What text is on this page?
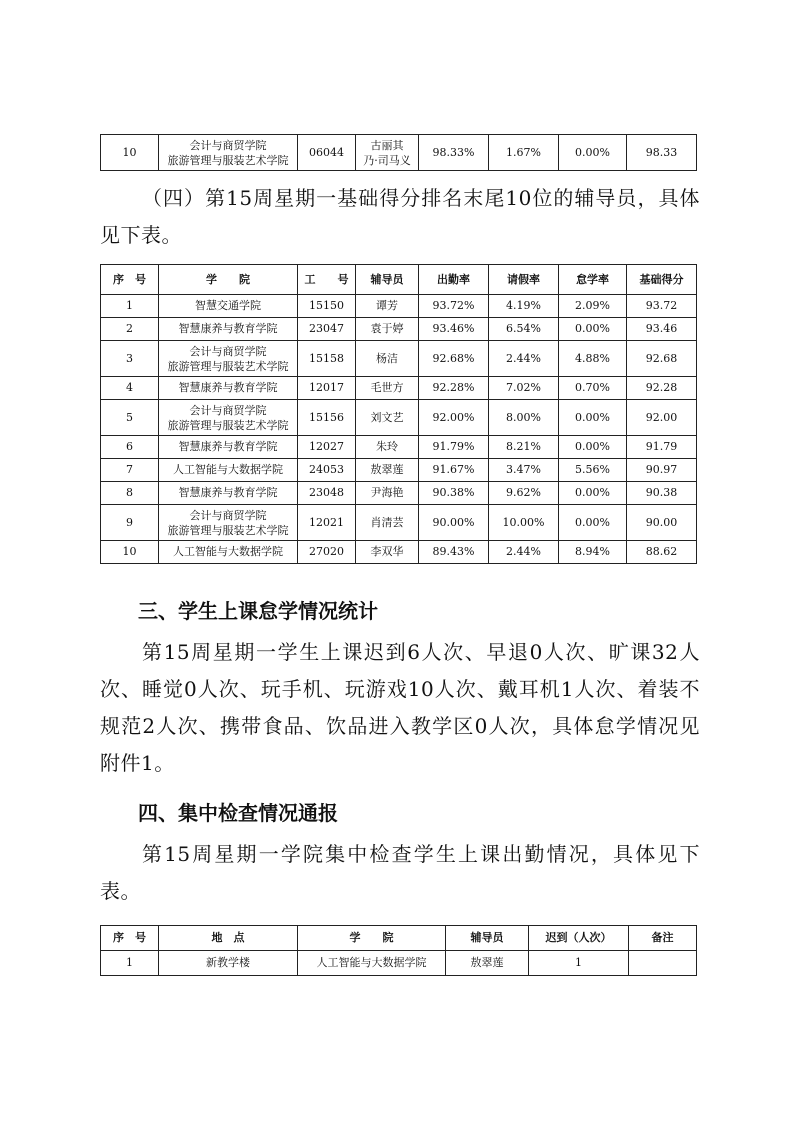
10	会计与商贸学院
旅游管理与服装艺术学院	06044	古丽其
乃·司马义	98.33%	1.67%	0.00%	98.33

（四）第15周星期一基础得分排名末尾10位的辅导员，具体见下表。

序　号	学　　院	工　　号	辅导员	出勤率	请假率	怠学率	基础得分
1	智慧交通学院	15150	谭芳	93.72%	4.19%	2.09%	93.72
2	智慧康养与教育学院	23047	袁于婷	93.46%	6.54%	0.00%	93.46
3	会计与商贸学院
旅游管理与服装艺术学院	15158	杨洁	92.68%	2.44%	4.88%	92.68
4	智慧康养与教育学院	12017	毛世方	92.28%	7.02%	0.70%	92.28
5	会计与商贸学院
旅游管理与服装艺术学院	15156	刘文艺	92.00%	8.00%	0.00%	92.00
6	智慧康养与教育学院	12027	朱玲	91.79%	8.21%	0.00%	91.79
7	人工智能与大数据学院	24053	敖翠莲	91.67%	3.47%	5.56%	90.97
8	智慧康养与教育学院	23048	尹海艳	90.38%	9.62%	0.00%	90.38
9	会计与商贸学院
旅游管理与服装艺术学院	12021	肖清芸	90.00%	10.00%	0.00%	90.00
10	人工智能与大数据学院	27020	李双华	89.43%	2.44%	8.94%	88.62

三、学生上课怠学情况统计

第15周星期一学生上课迟到6人次、早退0人次、旷课32人次、睡觉0人次、玩手机、玩游戏10人次、戴耳机1人次、着装不规范2人次、携带食品、饮品进入教学区0人次，具体怠学情况见附件1。

四、集中检查情况通报

第15周星期一学院集中检查学生上课出勤情况，具体见下表。

序　号	地　点	学　　院	辅导员	迟到（人次）	备注
1	新教学楼	人工智能与大数据学院	敖翠莲	1	
